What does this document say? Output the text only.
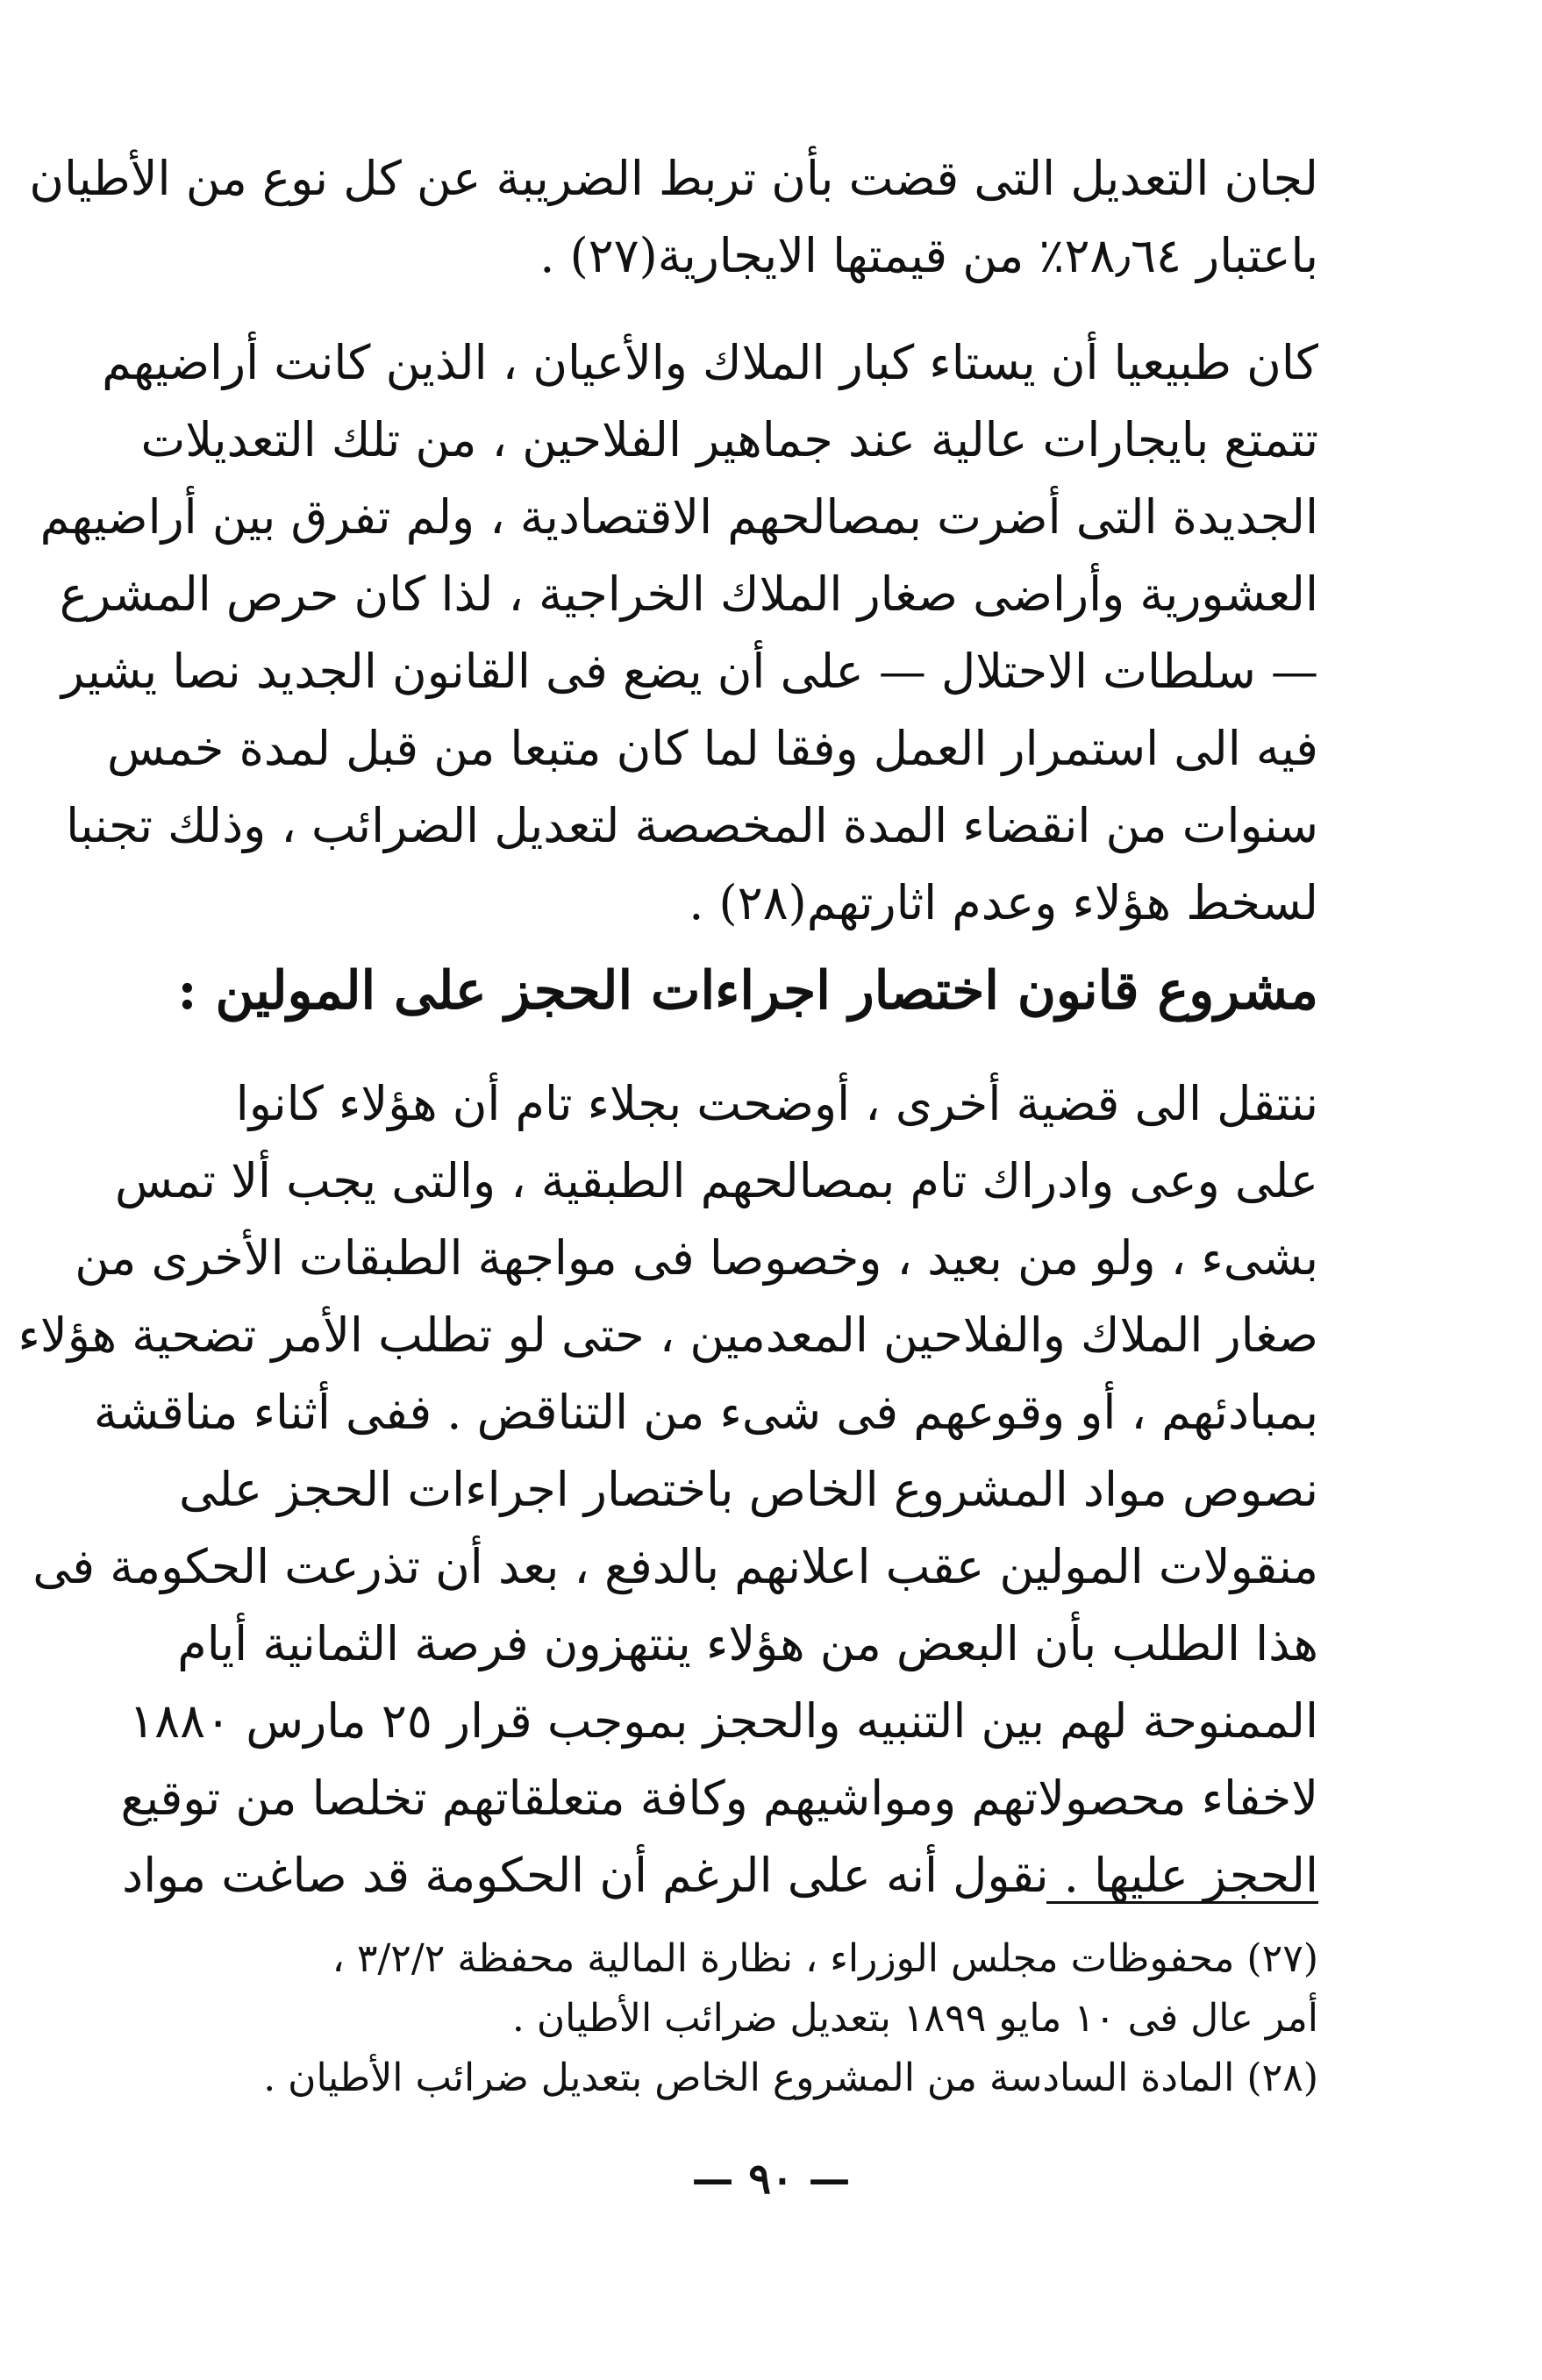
لجان التعديل التى قضت بأن تربط الضريبة عن كل نوع من الأطيان
باعتبار ٢٨٫٦٤٪ من قيمتها الايجارية(٢٧) .
كان طبيعيا أن يستاء كبار الملاك والأعيان ، الذين كانت أراضيهم
تتمتع بايجارات عالية عند جماهير الفلاحين ، من تلك التعديلات
الجديدة التى أضرت بمصالحهم الاقتصادية ، ولم تفرق بين أراضيهم
العشورية وأراضى صغار الملاك الخراجية ، لذا كان حرص المشرع
— سلطات الاحتلال — على أن يضع فى القانون الجديد نصا يشير
فيه الى استمرار العمل وفقا لما كان متبعا من قبل لمدة خمس
سنوات من انقضاء المدة المخصصة لتعديل الضرائب ، وذلك تجنبا
لسخط هؤلاء وعدم اثارتهم(٢٨) .
مشروع قانون اختصار اجراءات الحجز على المولين :
ننتقل الى قضية أخرى ، أوضحت بجلاء تام أن هؤلاء كانوا
على وعى وادراك تام بمصالحهم الطبقية ، والتى يجب ألا تمس
بشىء ، ولو من بعيد ، وخصوصا فى مواجهة الطبقات الأخرى من
صغار الملاك والفلاحين المعدمين ، حتى لو تطلب الأمر تضحية هؤلاء
بمبادئهم ، أو وقوعهم فى شىء من التناقض . ففى أثناء مناقشة
نصوص مواد المشروع الخاص باختصار اجراءات الحجز على
منقولات المولين عقب اعلانهم بالدفع ، بعد أن تذرعت الحكومة فى
هذا الطلب بأن البعض من هؤلاء ينتهزون فرصة الثمانية أيام
الممنوحة لهم بين التنبيه والحجز بموجب قرار ٢٥ مارس ١٨٨٠
لاخفاء محصولاتهم ومواشيهم وكافة متعلقاتهم تخلصا من توقيع
الحجز عليها . نقول أنه على الرغم أن الحكومة قد صاغت مواد
(٢٧) محفوظات مجلس الوزراء ، نظارة المالية محفظة ٣/٢/٢ ،
أمر عال فى ١٠ مايو ١٨٩٩ بتعديل ضرائب الأطيان .
(٢٨) المادة السادسة من المشروع الخاص بتعديل ضرائب الأطيان .
— ٩٠ —
